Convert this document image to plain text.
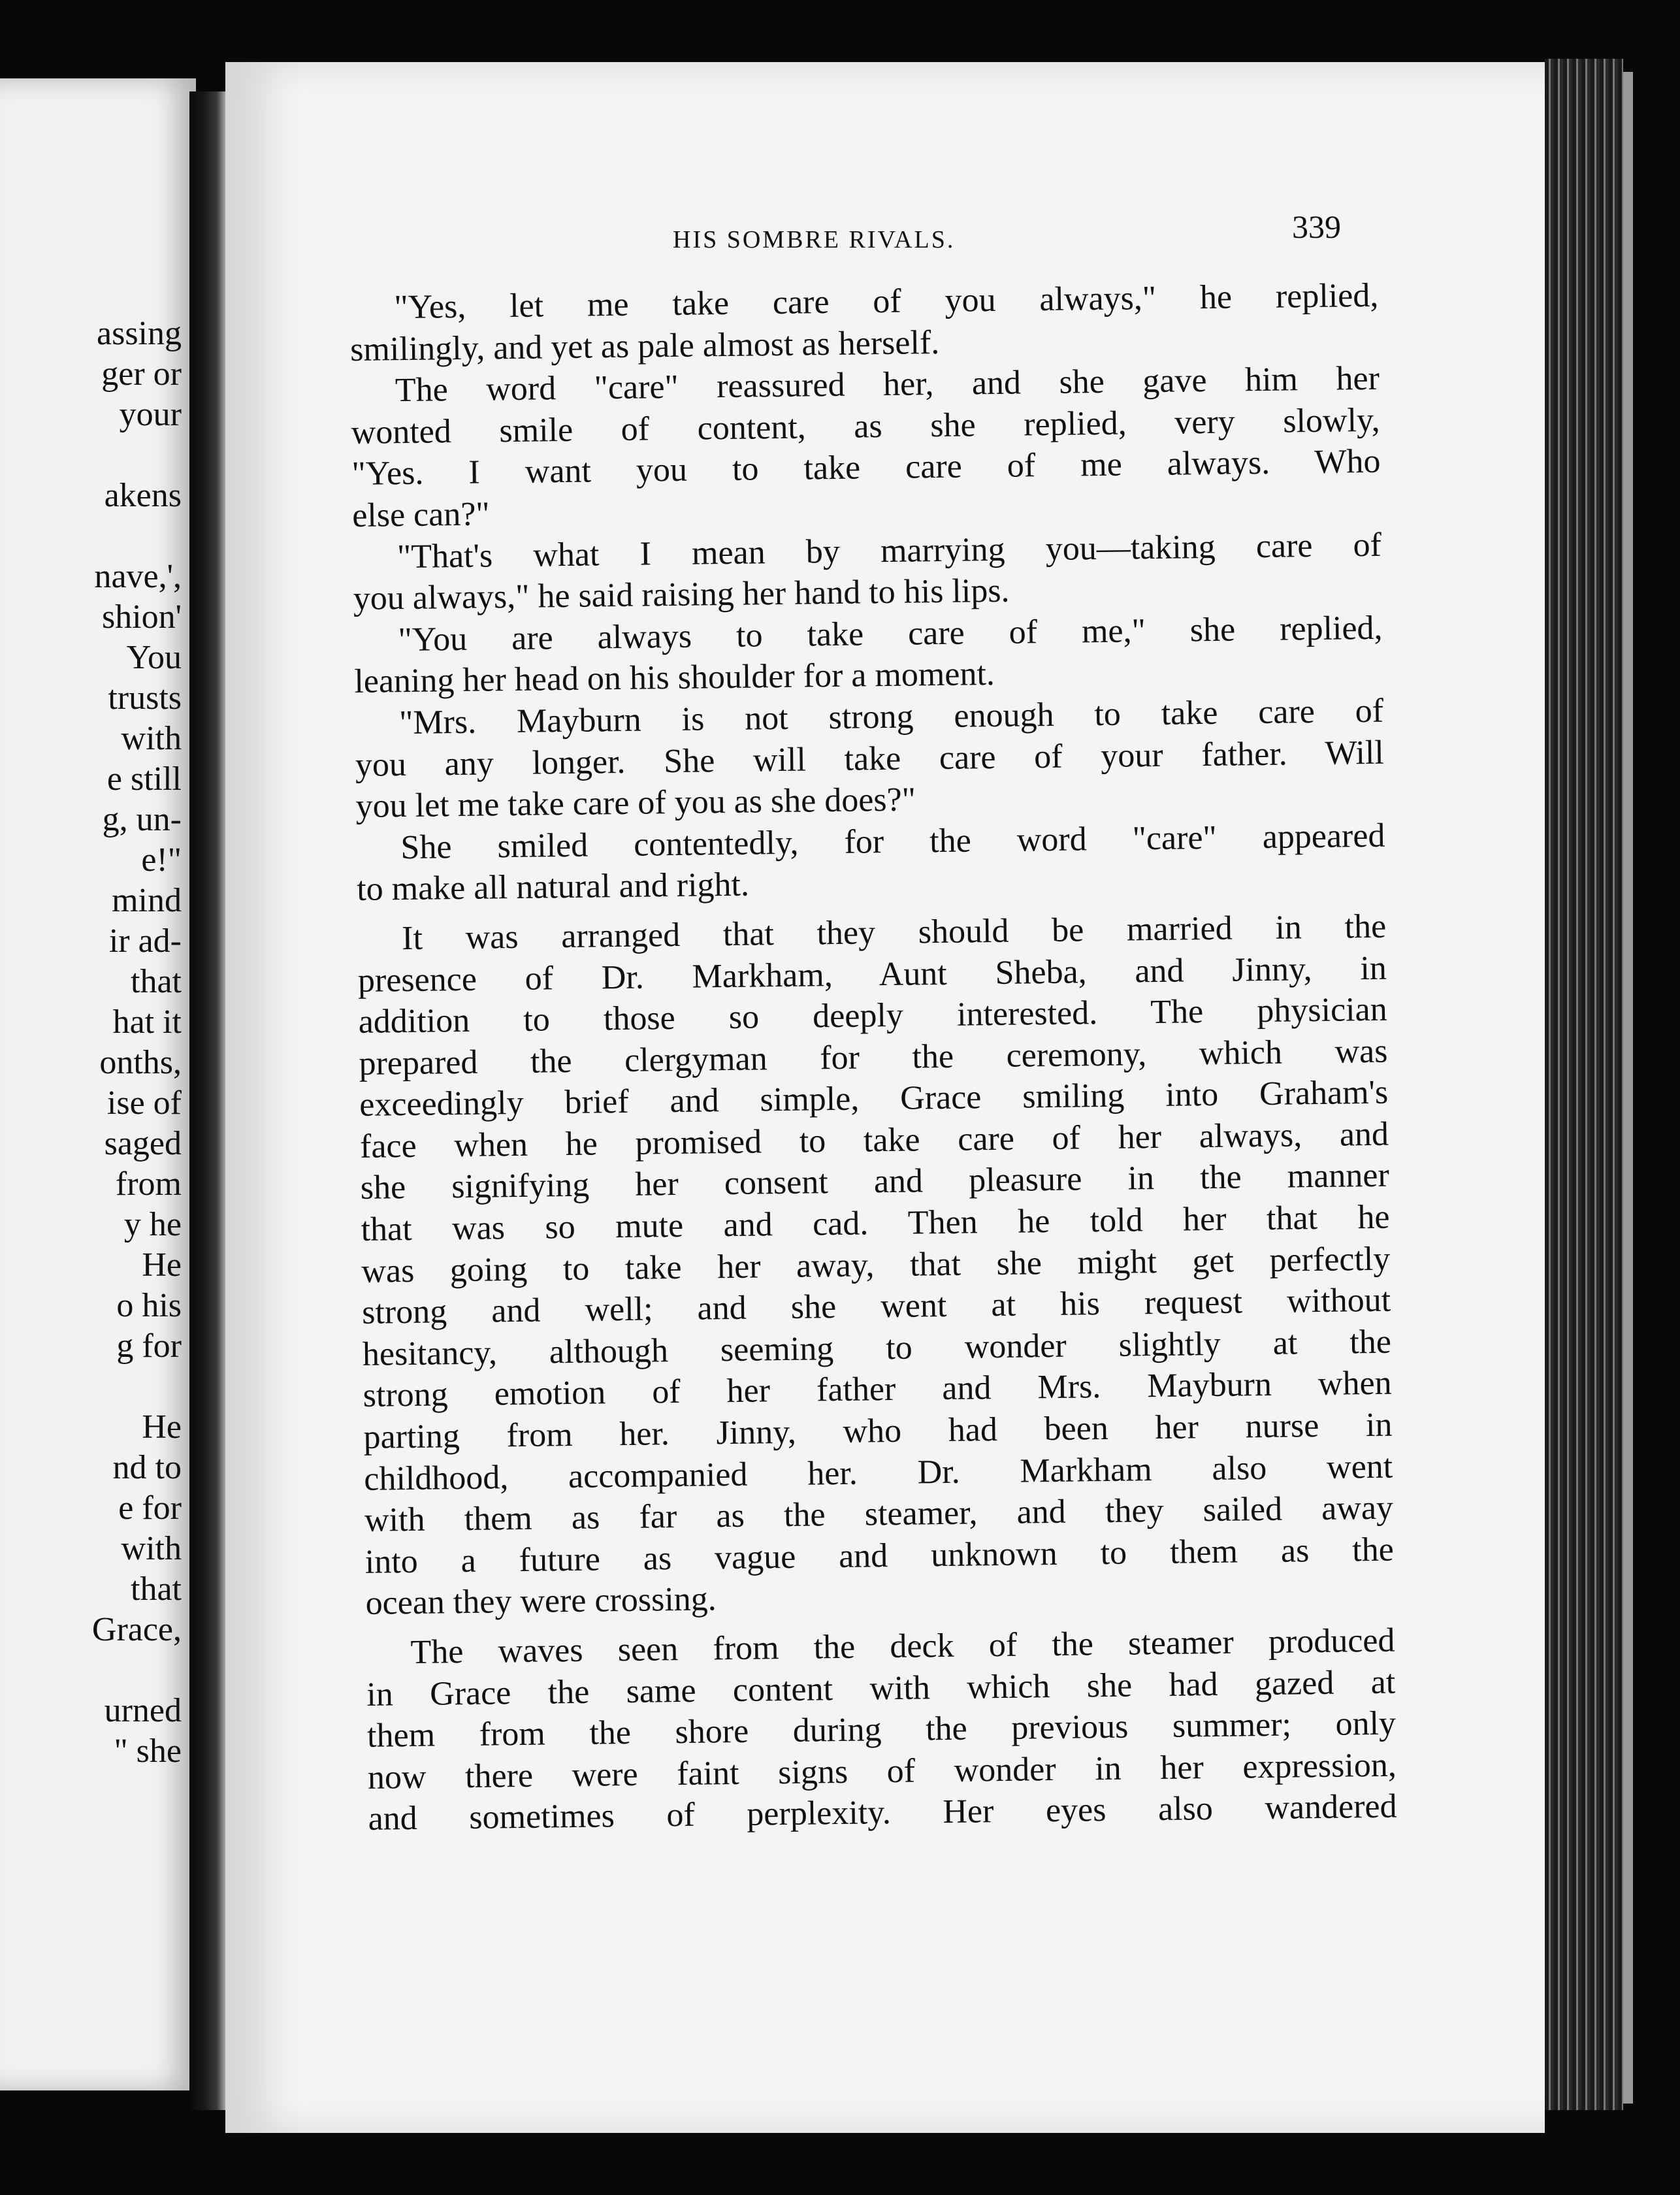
assing
ger or
your
akens
nave,',
shion'
You
trusts
with
e still
g, un-
e!"
mind
ir ad-
that
hat it
onths,
ise of
saged
from
y he
He
o his
g for
He
nd to
e for
with
that
Grace,
urned
" she
HIS SOMBRE RIVALS.	339
"Yes, let me take care of you always," he replied,
smilingly, and yet as pale almost as herself.
The word "care" reassured her, and she gave him her
wonted smile of content, as she replied, very slowly,
"Yes. I want you to take care of me always. Who
else can?"
"That's what I mean by marrying you—taking care of
you always," he said raising her hand to his lips.
"You are always to take care of me," she replied,
leaning her head on his shoulder for a moment.
"Mrs. Mayburn is not strong enough to take care of
you any longer. She will take care of your father. Will
you let me take care of you as she does?"
She smiled contentedly, for the word "care" appeared
to make all natural and right.
It was arranged that they should be married in the
presence of Dr. Markham, Aunt Sheba, and Jinny, in
addition to those so deeply interested. The physician
prepared the clergyman for the ceremony, which was
exceedingly brief and simple, Grace smiling into Graham's
face when he promised to take care of her always, and
she signifying her consent and pleasure in the manner
that was so mute and cad. Then he told her that he
was going to take her away, that she might get perfectly
strong and well; and she went at his request without
hesitancy, although seeming to wonder slightly at the
strong emotion of her father and Mrs. Mayburn when
parting from her. Jinny, who had been her nurse in
childhood, accompanied her. Dr. Markham also went
with them as far as the steamer, and they sailed away
into a future as vague and unknown to them as the
ocean they were crossing.
The waves seen from the deck of the steamer produced
in Grace the same content with which she had gazed at
them from the shore during the previous summer; only
now there were faint signs of wonder in her expression,
and sometimes of perplexity. Her eyes also wandered
